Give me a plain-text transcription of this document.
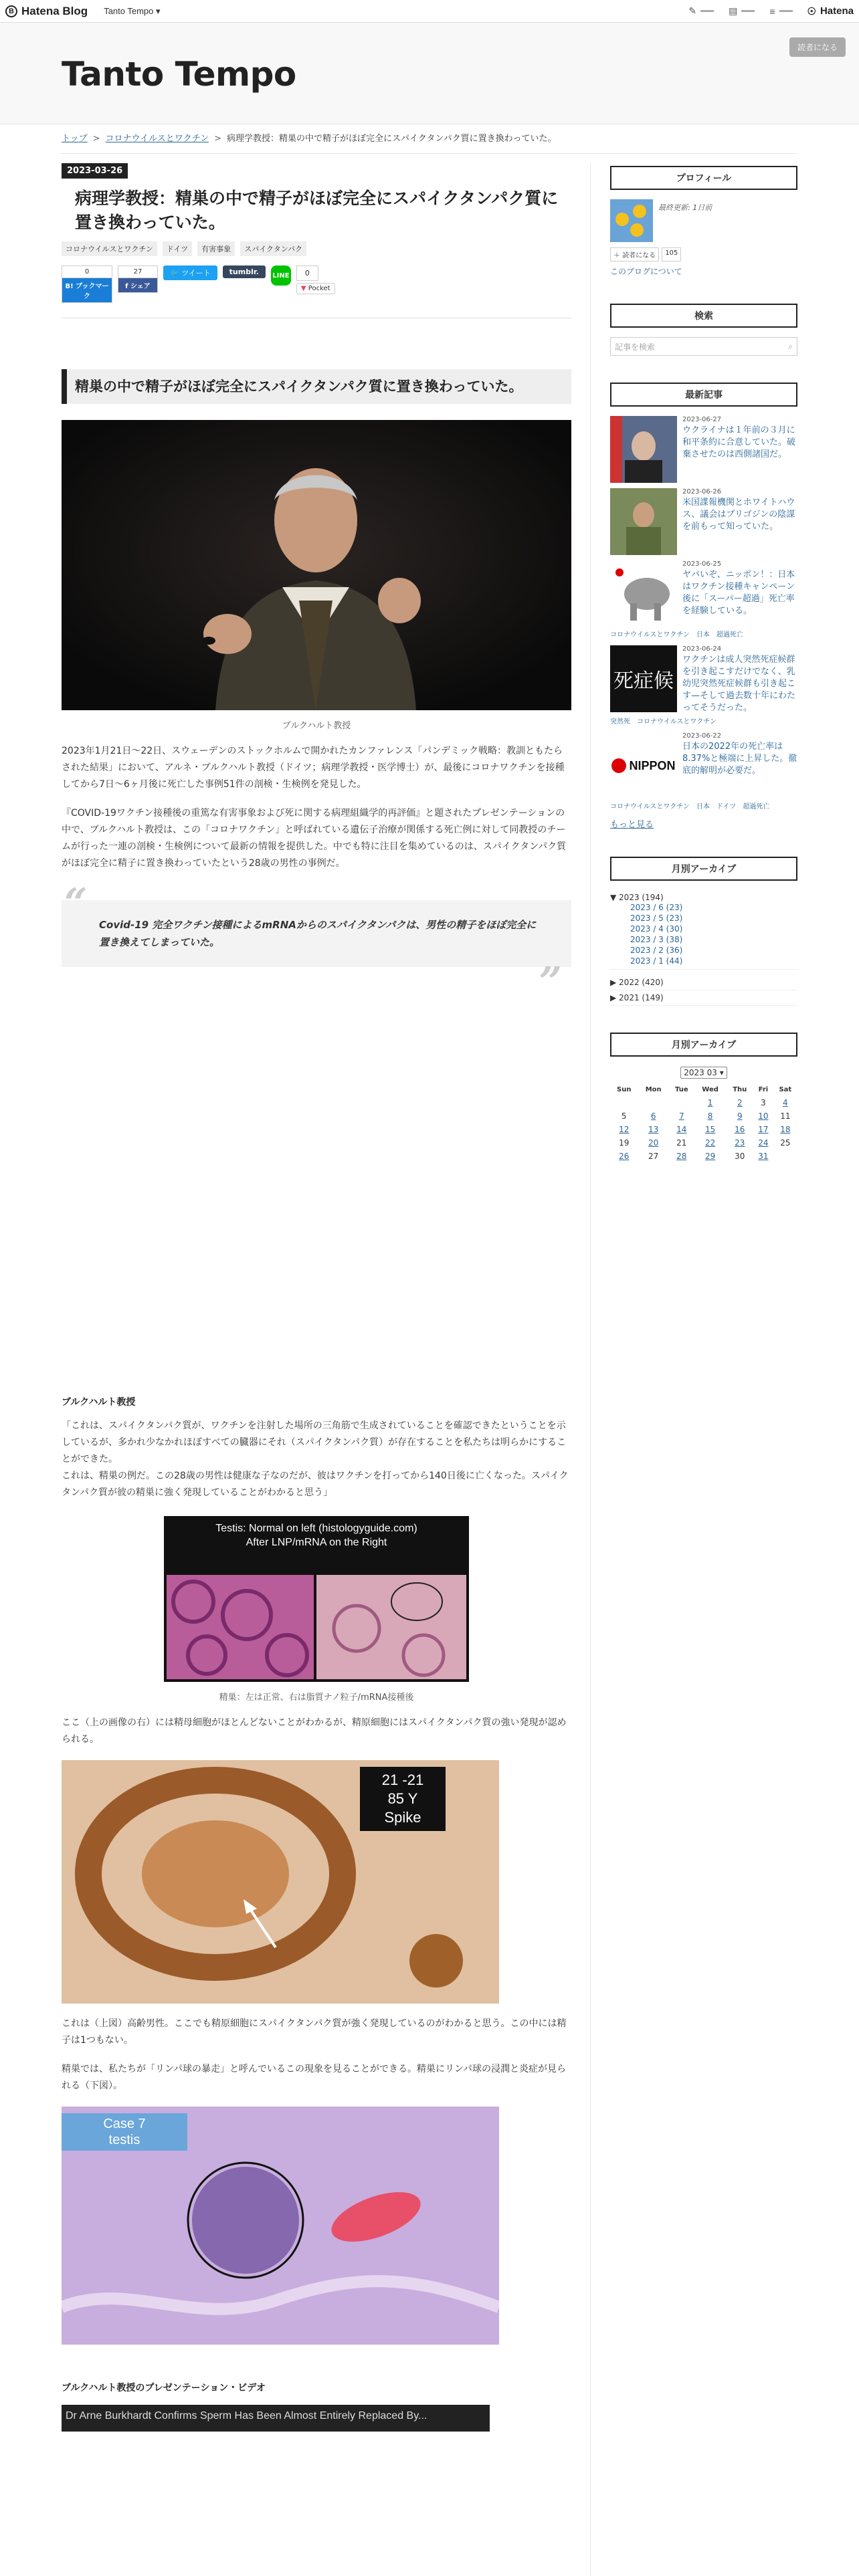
B Hatena Blog Tanto Tempo ▾	✎	▤	≡	☉ Hatena
Tanto Tempo
読者になる
トップ > コロナウイルスとワクチン > 病理学教授：精巣の中で精子がほぼ完全にスパイクタンパク質に置き換わっていた。
2023-03-26
病理学教授：精巣の中で精子がほぼ完全にスパイクタンパク質に置き換わっていた。
コロナウイルスとワクチン	ドイツ	有害事象	スパイクタンパク
0
B! ブックマーク
27
f シェア
🐦 ツイート	tumblr.	LINE	0
▼ Pocket
精巣の中で精子がほぼ完全にスパイクタンパク質に置き換わっていた。
ブルクハルト教授

2023年1月21日〜22日、スウェーデンのストックホルムで開かれたカンファレンス「パンデミック戦略：教訓ともたらされた結果」において、アルネ・ブルクハルト教授（ドイツ；病理学教授・医学博士）が、最後にコロナワクチンを接種してから7日〜6ヶ月後に死亡した事例51件の剖検・生検例を発見した。

『COVID-19ワクチン接種後の重篤な有害事象および死に関する病理組織学的再評価』と題されたプレゼンテーションの中で、ブルクハルト教授は、この「コロナワクチン」と呼ばれている遺伝子治療が関係する死亡例に対して同教授のチームが行った一連の剖検・生検例について最新の情報を提供した。中でも特に注目を集めているのは、スパイクタンパク質がほぼ完全に精子に置き換わっていたという28歳の男性の事例だ。

“ Covid-19 完全ワクチン接種によるmRNAからのスパイクタンパクは、男性の精子をほぼ完全に置き換えてしまっていた。
”
ブルクハルト教授

「これは、スパイクタンパク質が、ワクチンを注射した場所の三角筋で生成されていることを確認できたということを示しているが、多かれ少なかれほぼすべての臓器にそれ（スパイクタンパク質）が存在することを私たちは明らかにすることができた。

これは、精巣の例だ。この28歳の男性は健康な子なのだが、彼はワクチンを打ってから140日後に亡くなった。スパイクタンパク質が彼の精巣に強く発現していることがわかると思う」

Testis: Normal on left (histologyguide.com)
After LNP/mRNA on the Right
精巣：左は正常、右は脂質ナノ粒子/mRNA接種後

ここ（上の画像の右）には精母細胞がほとんどないことがわかるが、精原細胞にはスパイクタンパク質の強い発現が認められる。

21 -21
85 Y
Spike

これは（上図）高齢男性。ここでも精原細胞にスパイクタンパク質が強く発現しているのがわかると思う。この中には精子は1つもない。

精巣では、私たちが「リンパ球の暴走」と呼んでいるこの現象を見ることができる。精巣にリンパ球の浸潤と炎症が見られる（下図）。

Case 7
testis
ブルクハルト教授のプレゼンテーション・ビデオ
Dr Arne Burkhardt Confirms Sperm Has Been Almost Entirely Replaced By...
プロフィール
最終更新: 1日前
＋ 読者になる	105
このブログについて
検索
記事を検索	⌕
最新記事
2023-06-27
ウクライナは１年前の３月に和平条約に合意していた。破棄させたのは西側諸国だ。
2023-06-26
米国諜報機関とホワイトハウス、議会はプリゴジンの陰謀を前もって知っていた。
2023-06-25
ヤバいぞ、ニッポン！：日本はワクチン接種キャンペーン後に「スーパー超過」死亡率を経験している。
コロナウイルスとワクチン　日本　超過死亡
死症候
2023-06-24
ワクチンは成人突然死症候群を引き起こすだけでなく、乳幼児突然死症候群も引き起こす—そして過去数十年にわたってそうだった。
突然死　コロナウイルスとワクチン
NIPPON
2023-06-22
日本の2022年の死亡率は8.37%と極端に上昇した。徹底的解明が必要だ。
コロナウイルスとワクチン　日本　ドイツ　超過死亡
もっと見る
月別アーカイブ
▼ 2023 (194)
2023 / 6 (23)
2023 / 5 (23)
2023 / 4 (30)
2023 / 3 (38)
2023 / 2 (36)
2023 / 1 (44)
▶ 2022 (420)
▶ 2021 (149)
月別アーカイブ
2023 03 ▾
Sun	Mon	Tue	Wed	Thu	Fri	Sat
			1	2	3	4
5	6	7	8	9	10	11
12	13	14	15	16	17	18
19	20	21	22	23	24	25
26	27	28	29	30	31	
